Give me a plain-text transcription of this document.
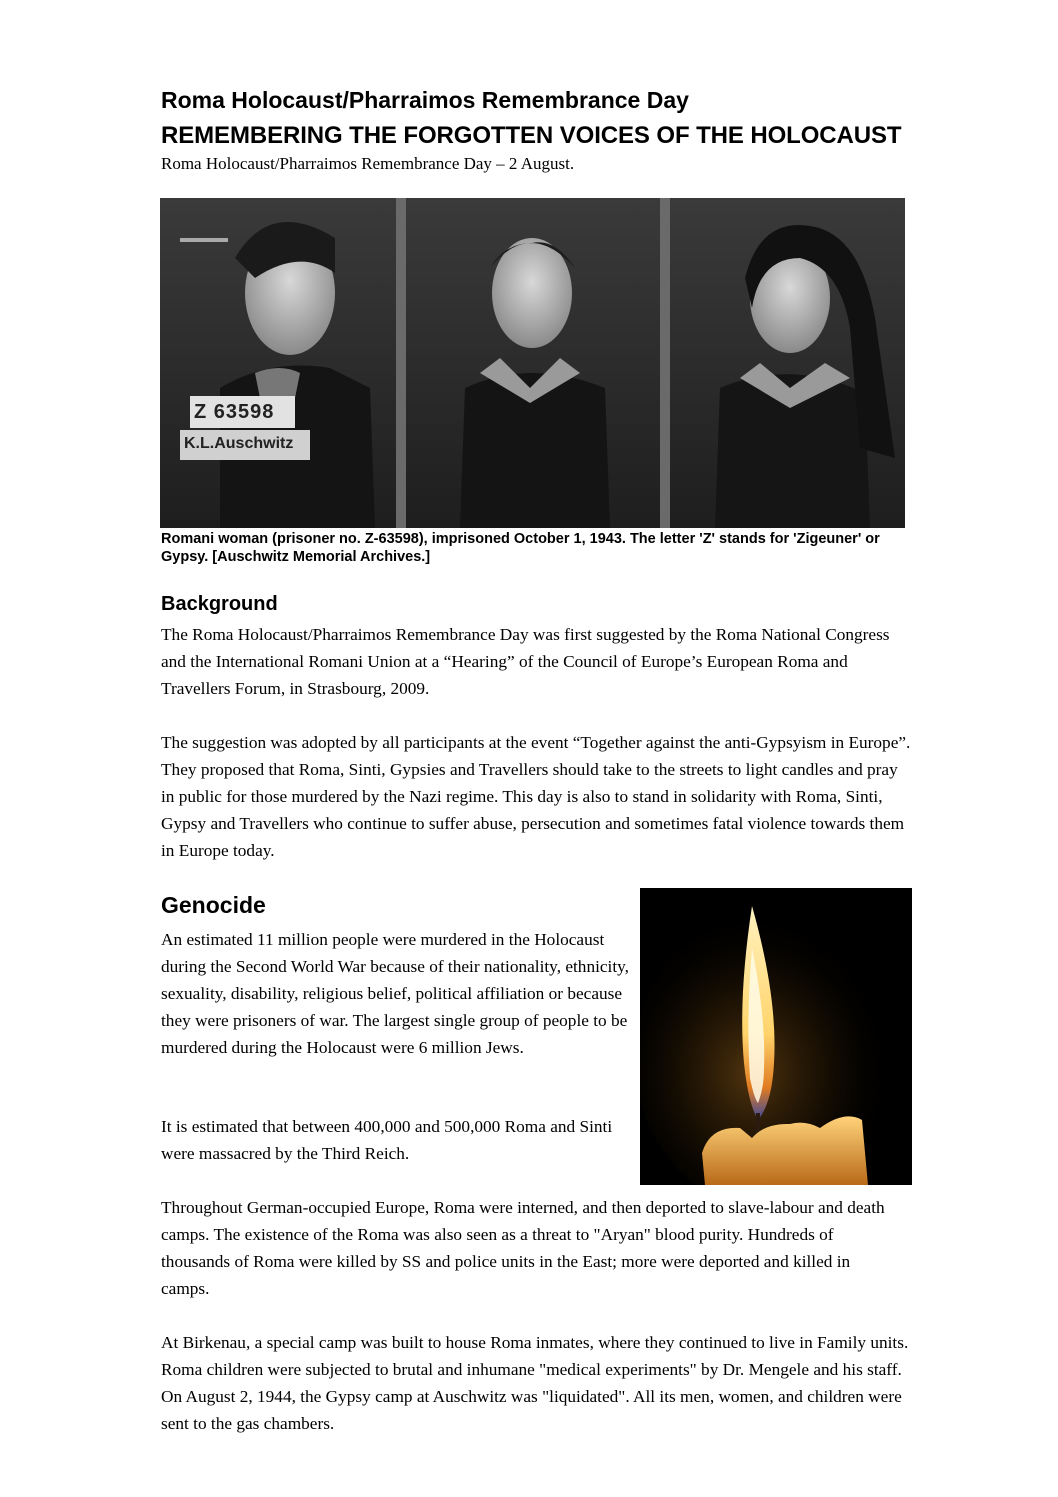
Roma Holocaust/Pharraimos Remembrance Day
REMEMBERING THE FORGOTTEN VOICES OF THE HOLOCAUST
Roma Holocaust/Pharraimos Remembrance Day – 2 August.
Z 63598
K.L.Auschwitz
Romani woman (prisoner no. Z-63598), imprisoned October 1, 1943. The letter 'Z' stands for 'Zigeuner' or Gypsy. [Auschwitz Memorial Archives.]
Background

The Roma Holocaust/Pharraimos Remembrance Day was first suggested by the Roma National Congress and the International Romani Union at a “Hearing” of the Council of Europe’s European Roma and Travellers Forum, in Strasbourg, 2009.

The suggestion was adopted by all participants at the event “Together against the anti-Gypsyism in Europe”. They proposed that Roma, Sinti, Gypsies and Travellers should take to the streets to light candles and pray in public for those murdered by the Nazi regime. This day is also to stand in solidarity with Roma, Sinti, Gypsy and Travellers who continue to suffer abuse, persecution and sometimes fatal violence towards them in Europe today.

Genocide

An estimated 11 million people were murdered in the Holocaust during the Second World War because of their nationality, ethnicity, sexuality, disability, religious belief, political affiliation or because they were prisoners of war. The largest single group of people to be murdered during the Holocaust were 6 million Jews.

It is estimated that between 400,000 and 500,000 Roma and Sinti were massacred by the Third Reich.

Throughout German-occupied Europe, Roma were interned, and then deported to slave-labour and death camps. The existence of the Roma was also seen as a threat to "Aryan" blood purity. Hundreds of thousands of Roma were killed by SS and police units in the East; more were deported and killed in camps.

At Birkenau, a special camp was built to house Roma inmates, where they continued to live in Family units. Roma children were subjected to brutal and inhumane "medical experiments" by Dr. Mengele and his staff. On August 2, 1944, the Gypsy camp at Auschwitz was "liquidated". All its men, women, and children were sent to the gas chambers.
